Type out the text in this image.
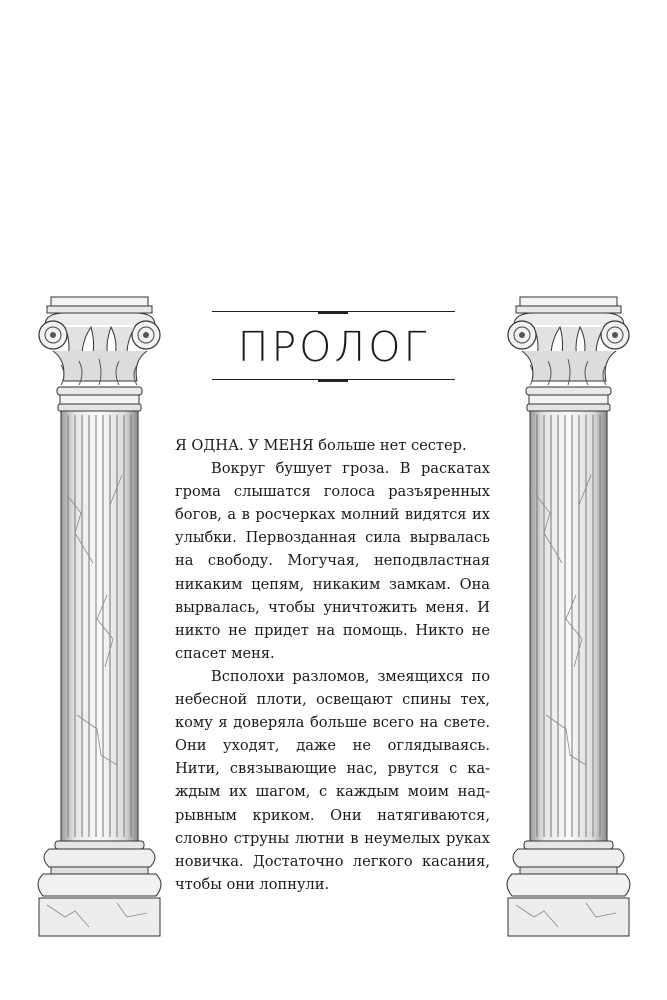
ПРОЛОГ

Я ОДНА. У МЕНЯ больше нет сестер.

Вокруг бушует гроза. В раскатах грома слышатся голоса разъяренных богов, а в росчерках молний видятся их улыбки. Первозданная сила вырвалась на свободу. Могучая, неподвластная никаким цепям, никаким замкам. Она вырвалась, чтобы уничтожить меня. И никто не придет на помощь. Никто не спасет меня.

Всполохи разломов, змеящихся по небесной плоти, освещают спины тех, кому я доверяла больше всего на свете. Они уходят, даже не оглядываясь. Нити, связывающие нас, рвутся с каждым их шагом, с каждым моим надрывным криком. Они натягиваются, словно струны лютни в неумелых руках новичка. Достаточно легкого касания, чтобы они лопнули.
